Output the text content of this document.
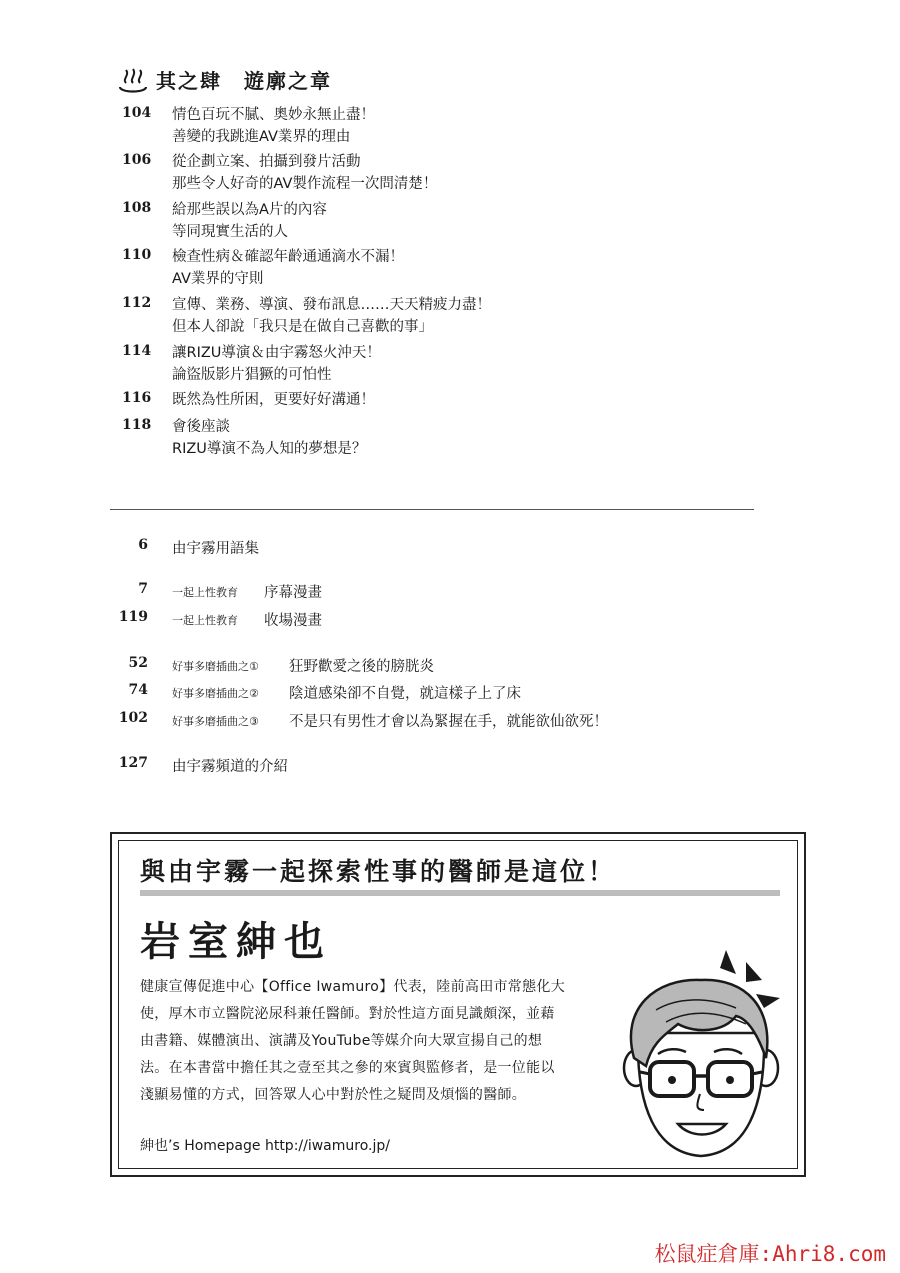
其之肆　遊廓之章
104	情色百玩不膩、奧妙永無止盡！
善變的我跳進AV業界的理由
106	從企劃立案、拍攝到發片活動
那些令人好奇的AV製作流程一次問清楚！
108	給那些誤以為A片的內容
等同現實生活的人
110	檢查性病＆確認年齡通通滴水不漏！
AV業界的守則
112	宣傳、業務、導演、發布訊息……天天精疲力盡！
但本人卻說「我只是在做自己喜歡的事」
114	讓RIZU導演＆由宇霧怒火沖天！
論盜版影片猖獗的可怕性
116	既然為性所困，更要好好溝通！
118	會後座談
RIZU導演不為人知的夢想是？
6 由宇霧用語集
7 一起上性教育 序幕漫畫
119 一起上性教育 收場漫畫
52 好事多磨插曲之① 狂野歡愛之後的膀胱炎
74 好事多磨插曲之② 陰道感染卻不自覺，就這樣子上了床
102 好事多磨插曲之③ 不是只有男性才會以為緊握在手，就能欲仙欲死！
127 由宇霧頻道的介紹
與由宇霧一起探索性事的醫師是這位！
岩室紳也
健康宣傳促進中心【Office Iwamuro】代表，陸前高田市常態化大
使，厚木市立醫院泌尿科兼任醫師。對於性這方面見識頗深，並藉
由書籍、媒體演出、演講及YouTube等媒介向大眾宣揚自己的想
法。在本書當中擔任其之壹至其之參的來賓與監修者，是一位能以
淺顯易懂的方式，回答眾人心中對於性之疑問及煩惱的醫師。
紳也’s Homepage http://iwamuro.jp/
松鼠症倉庫:Ahri8.com
